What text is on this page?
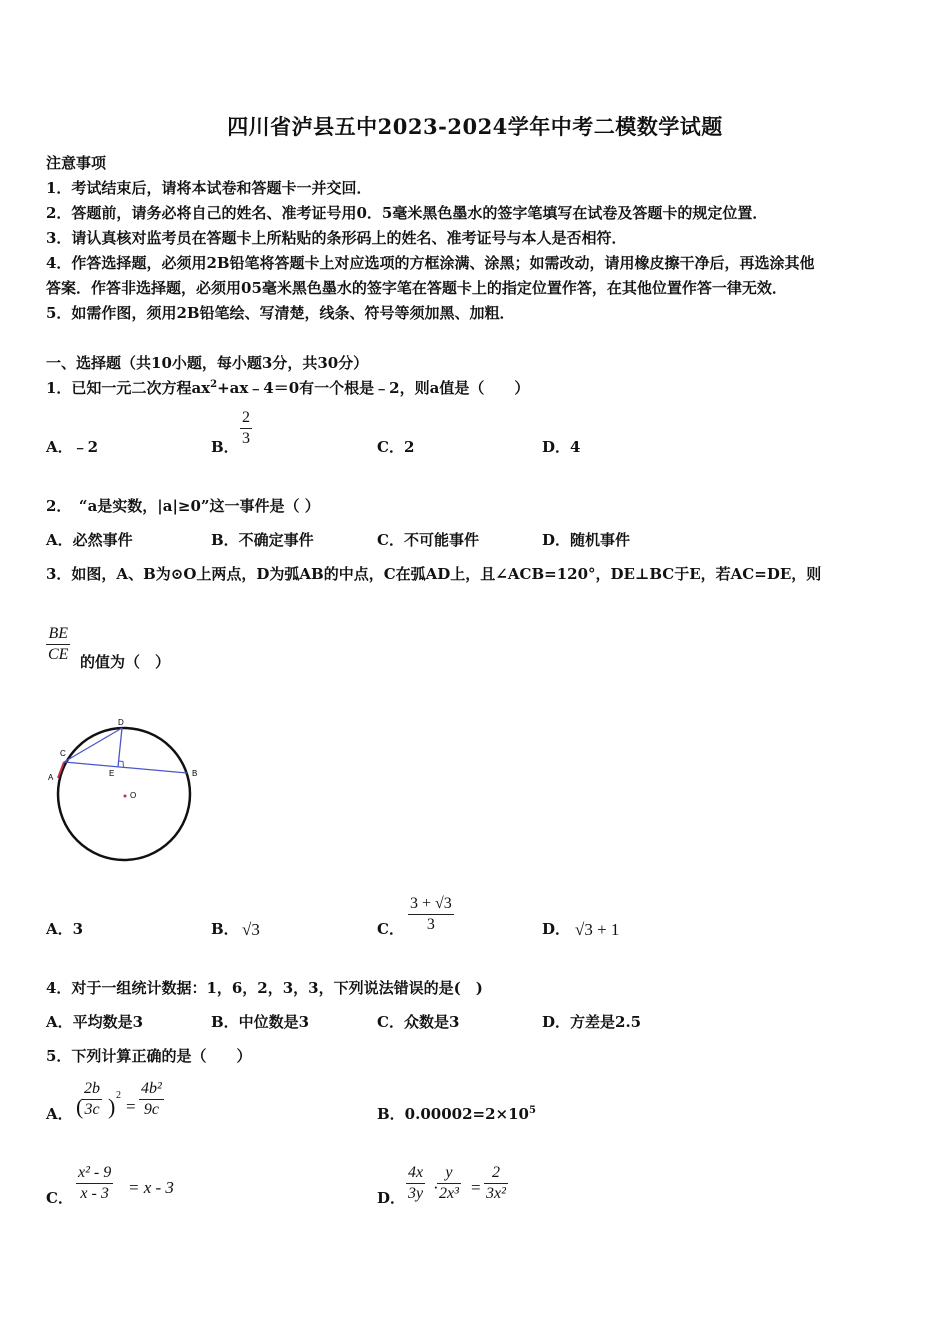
四川省泸县五中2023-2024学年中考二模数学试题
注意事项
1．考试结束后，请将本试卷和答题卡一并交回．
2．答题前，请务必将自己的姓名、准考证号用0．5毫米黑色墨水的签字笔填写在试卷及答题卡的规定位置．
3．请认真核对监考员在答题卡上所粘贴的条形码上的姓名、准考证号与本人是否相符．
4．作答选择题，必须用2B铅笔将答题卡上对应选项的方框涂满、涂黑；如需改动，请用橡皮擦干净后，再选涂其他
答案．作答非选择题，必须用05毫米黑色墨水的签字笔在答题卡上的指定位置作答，在其他位置作答一律无效．
5．如需作图，须用2B铅笔绘、写清楚，线条、符号等须加黑、加粗．
一、选择题（共10小题，每小题3分，共30分）
1．已知一元二次方程$ax^2+ax﹣4=0$有一个根是﹣2，则a值是（　　）
A．﹣2	B．
2
3	C．2	D．4
2．　“a是实数，|a|≥0”这一事件是（ ）
A．必然事件	B．不确定事件	C．不可能事件	D．随机事件
3．如图，A、B为⊙O上两点，D为弧AB的中点，C在弧AD上，且∠ACB=120°，DE⊥BC于E，若AC=DE，则
BE
CE 的值为（　）
D
C
A	B
E
O
A．3	B． √3	C．
3 + √3
3	D． √3 + 1
4．对于一组统计数据：1，6，2，3，3，下列说法错误的是(　)
A．平均数是3	B．中位数是3	C．众数是3	D．方差是2.5
5．下列计算正确的是（　　）
A． (
2b
3c ) 2
=
4b²
9c	B．$0.00002=2\times 10^5$
C．
x² - 9
x - 3 = x - 3
D．
4x
3y ·
y
2x³ =
2
3x²
